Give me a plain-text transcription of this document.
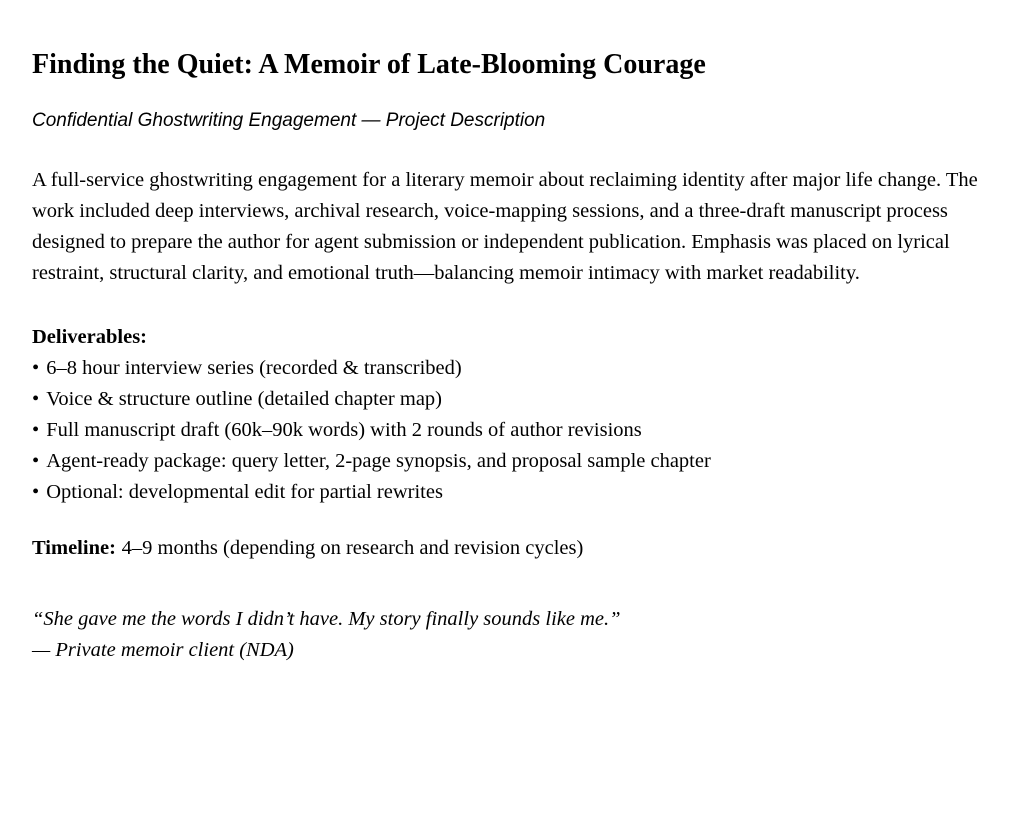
Finding the Quiet: A Memoir of Late-Blooming Courage
Confidential Ghostwriting Engagement — Project Description

A full-service ghostwriting engagement for a literary memoir about reclaiming identity after major life change. The work included deep interviews, archival research, voice-mapping sessions, and a three-draft manuscript process designed to prepare the author for agent submission or independent publication. Emphasis was placed on lyrical restraint, structural clarity, and emotional truth—balancing memoir intimacy with market readability.

Deliverables:
• 6–8 hour interview series (recorded & transcribed)
• Voice & structure outline (detailed chapter map)
• Full manuscript draft (60k–90k words) with 2 rounds of author revisions
• Agent-ready package: query letter, 2-page synopsis, and proposal sample chapter
• Optional: developmental edit for partial rewrites
Timeline: 4–9 months (depending on research and revision cycles)
“She gave me the words I didn’t have. My story finally sounds like me.”
— Private memoir client (NDA)
